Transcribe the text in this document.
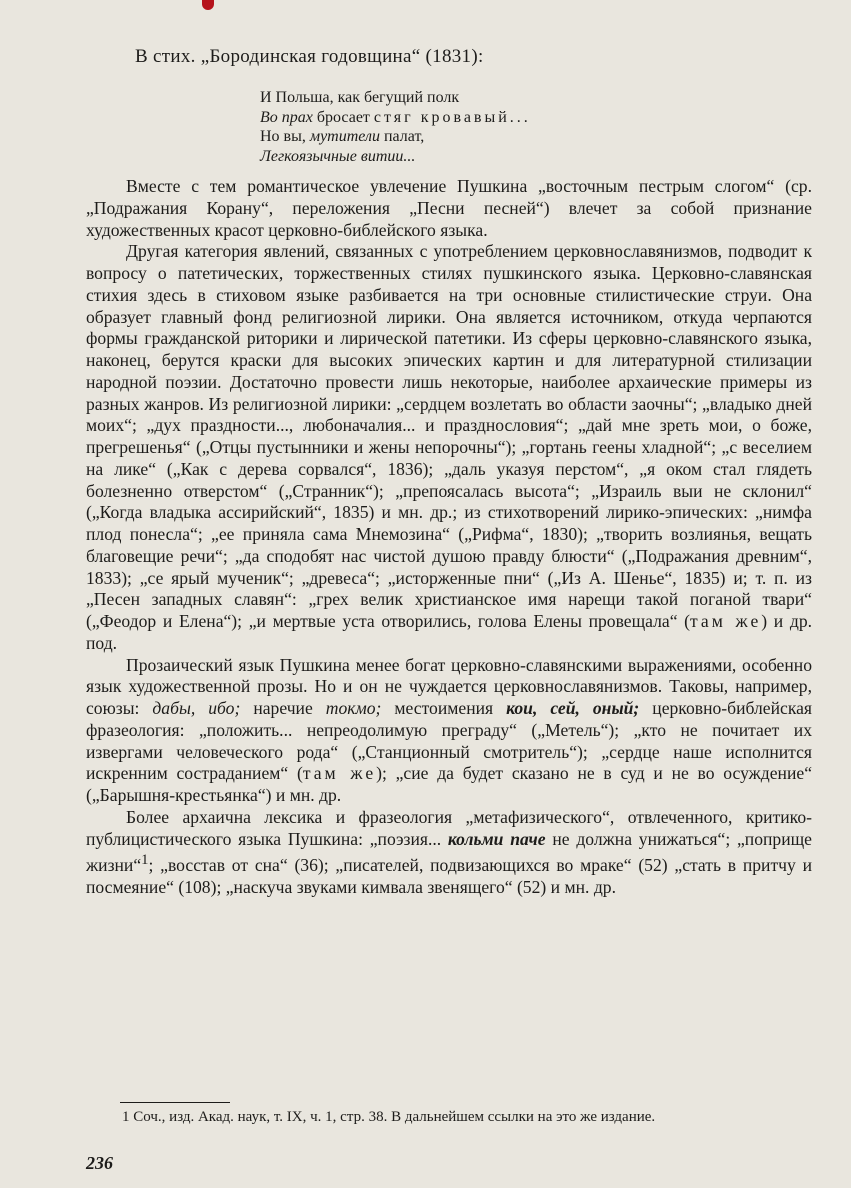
В стих. „Бородинская годовщина“ (1831):
И Польша, как бегущий полк
Во прах бросает стяг кровавый...
Но вы, мутители палат,
Легкоязычные витии...

Вместе с тем романтическое увлечение Пушкина „восточным пестрым слогом“ (ср. „Подражания Корану“, переложения „Песни песней“) влечет за собой признание художественных красот церковно-библейского языка.

Другая категория явлений, связанных с употреблением церковнославянизмов, подводит к вопросу о патетических, торжественных стилях пушкинского языка. Церковно-славянская стихия здесь в стиховом языке разбивается на три основные стилистические струи. Она образует главный фонд религиозной лирики. Она является источником, откуда черпаются формы гражданской риторики и лирической патетики. Из сферы церковно-славянского языка, наконец, берутся краски для высоких эпических картин и для литературной стилизации народной поэзии. Достаточно провести лишь некоторые, наиболее архаические примеры из разных жанров. Из религиозной лирики: „сердцем возлетать во области заочны“; „владыко дней моих“; „дух праздности..., любоначалия... и празднословия“; „дай мне зреть мои, о боже, прегрешенья“ („Отцы пустынники и жены непорочны“); „гортань геены хладной“; „с веселием на лике“ („Как с дерева сорвался“, 1836); „даль указуя перстом“, „я оком стал глядеть болезненно отверстом“ („Странник“); „препоясалась высота“; „Израиль выи не склонил“ („Когда владыка ассирийский“, 1835) и мн. др.; из стихотворений лирико-эпических: „нимфа плод понесла“; „ее приняла сама Мнемозина“ („Рифма“, 1830); „творить возлиянья, вещать благовещие речи“; „да сподобят нас чистой душою правду блюсти“ („Подражания древним“, 1833); „се ярый мученик“; „древеса“; „исторженные пни“ („Из А. Шенье“, 1835) и; т. п. из „Песен западных славян“: „грех велик христианское имя нарещи такой поганой твари“ („Феодор и Елена“); „и мертвые уста отворились, голова Елены провещала“ (там же) и др. под.

Прозаический язык Пушкина менее богат церковно-славянскими выражениями, особенно язык художественной прозы. Но и он не чуждается церковнославянизмов. Таковы, например, союзы: дабы, ибо; наречие токмо; местоимения кои, сей, оный; церковно-библейская фразеология: „положить... непреодолимую преграду“ („Метель“); „кто не почитает их извергами человеческого рода“ („Станционный смотритель“); „сердце наше исполнится искренним состраданием“ (там же); „сие да будет сказано не в суд и не во осуждение“ („Барышня-крестьянка“) и мн. др.

Более архаична лексика и фразеология „метафизического“, отвлеченного, критико-публицистического языка Пушкина: „поэзия... кольми паче не должна унижаться“; „поприще жизни“$^1$; „восстав от сна“ (36); „писателей, подвизающихся во мраке“ (52) „стать в притчу и посмеяние“ (108); „наскуча звуками кимвала звенящего“ (52) и мн. др.

1 Соч., изд. Акад. наук, т. IX, ч. 1, стр. 38. В дальнейшем ссылки на это же издание.
236
